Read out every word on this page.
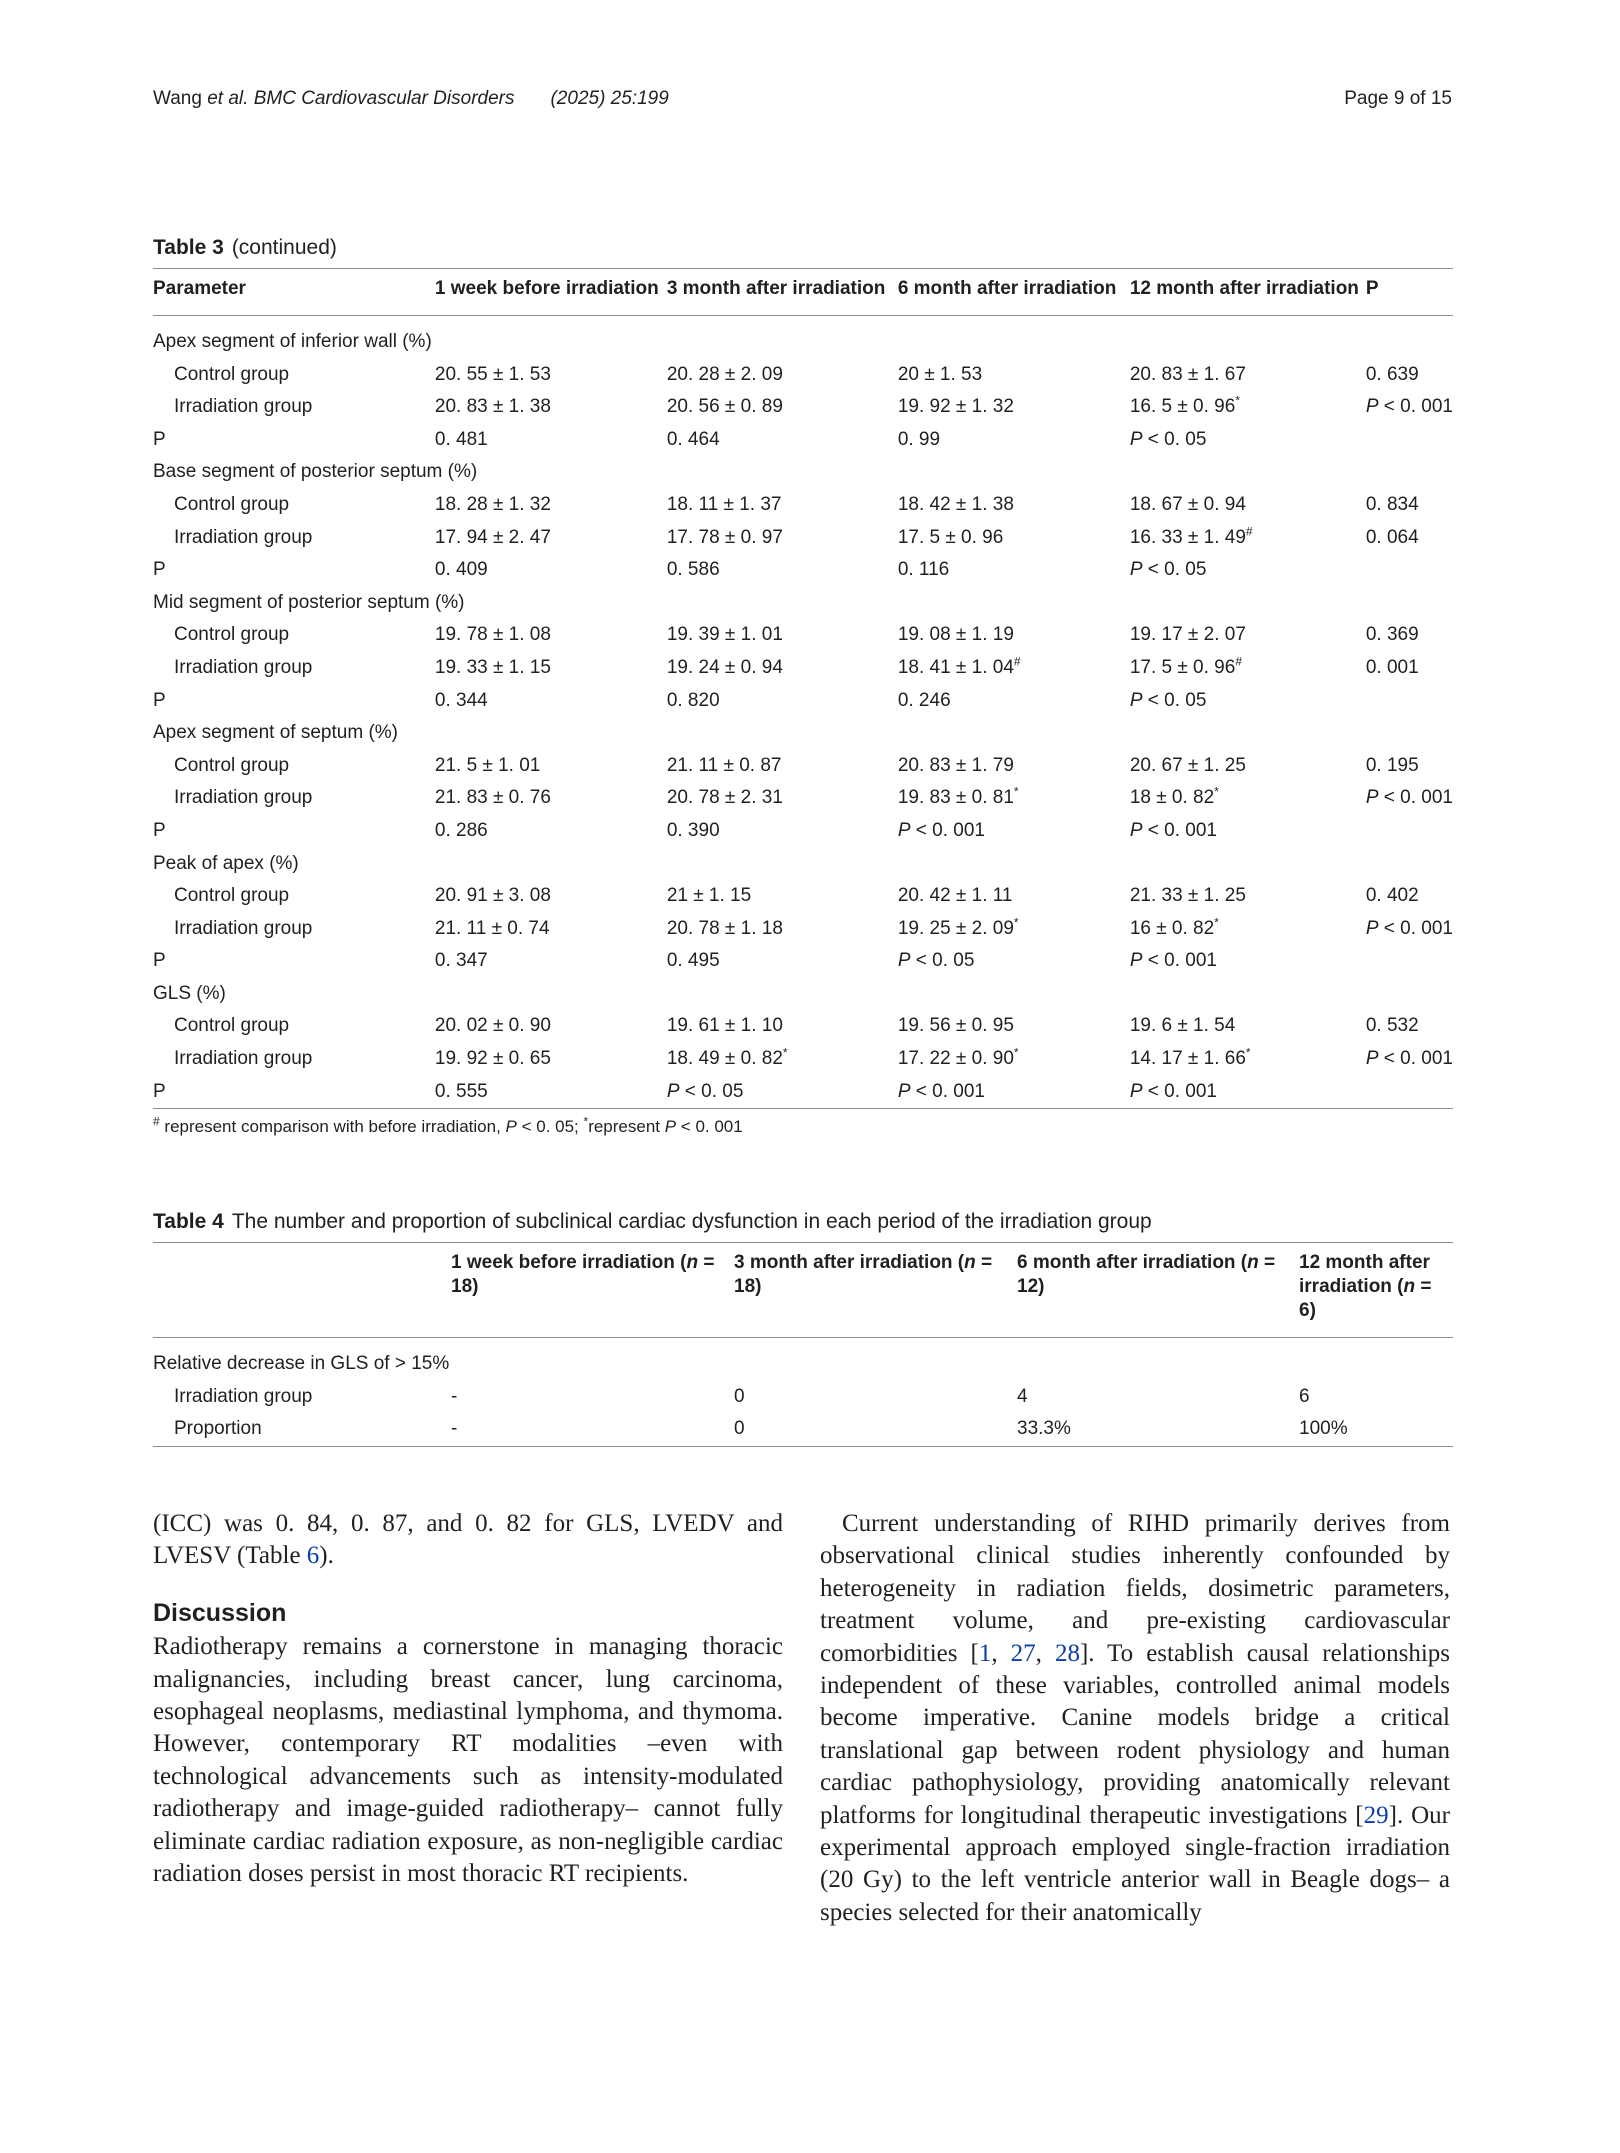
Wang et al. BMC Cardiovascular Disorders (2025) 25:199	Page 9 of 15
Table 3 (continued)
Parameter	1 week before irradiation	3 month after irradiation	6 month after irradiation	12 month after irradiation	P
Apex segment of inferior wall (%)					
Control group	20. 55 ± 1. 53	20. 28 ± 2. 09	20 ± 1. 53	20. 83 ± 1. 67	0. 639
Irradiation group	20. 83 ± 1. 38	20. 56 ± 0. 89	19. 92 ± 1. 32	16. 5 ± 0. 96*	P < 0. 001
P	0. 481	0. 464	0. 99	P < 0. 05	
Base segment of posterior septum (%)					
Control group	18. 28 ± 1. 32	18. 11 ± 1. 37	18. 42 ± 1. 38	18. 67 ± 0. 94	0. 834
Irradiation group	17. 94 ± 2. 47	17. 78 ± 0. 97	17. 5 ± 0. 96	16. 33 ± 1. 49#	0. 064
P	0. 409	0. 586	0. 116	P < 0. 05	
Mid segment of posterior septum (%)					
Control group	19. 78 ± 1. 08	19. 39 ± 1. 01	19. 08 ± 1. 19	19. 17 ± 2. 07	0. 369
Irradiation group	19. 33 ± 1. 15	19. 24 ± 0. 94	18. 41 ± 1. 04#	17. 5 ± 0. 96#	0. 001
P	0. 344	0. 820	0. 246	P < 0. 05	
Apex segment of septum (%)					
Control group	21. 5 ± 1. 01	21. 11 ± 0. 87	20. 83 ± 1. 79	20. 67 ± 1. 25	0. 195
Irradiation group	21. 83 ± 0. 76	20. 78 ± 2. 31	19. 83 ± 0. 81*	18 ± 0. 82*	P < 0. 001
P	0. 286	0. 390	P < 0. 001	P < 0. 001	
Peak of apex (%)					
Control group	20. 91 ± 3. 08	21 ± 1. 15	20. 42 ± 1. 11	21. 33 ± 1. 25	0. 402
Irradiation group	21. 11 ± 0. 74	20. 78 ± 1. 18	19. 25 ± 2. 09*	16 ± 0. 82*	P < 0. 001
P	0. 347	0. 495	P < 0. 05	P < 0. 001	
GLS (%)					
Control group	20. 02 ± 0. 90	19. 61 ± 1. 10	19. 56 ± 0. 95	19. 6 ± 1. 54	0. 532
Irradiation group	19. 92 ± 0. 65	18. 49 ± 0. 82*	17. 22 ± 0. 90*	14. 17 ± 1. 66*	P < 0. 001
P	0. 555	P < 0. 05	P < 0. 001	P < 0. 001	
# represent comparison with before irradiation, P < 0. 05; *represent P < 0. 001
Table 4 The number and proportion of subclinical cardiac dysfunction in each period of the irradiation group
	1 week before irradiation (n = 18)	3 month after irradiation (n = 18)	6 month after irradiation (n = 12)	12 month after irradiation (n = 6)
Relative decrease in GLS of > 15%				
Irradiation group	-	0	4	6
Proportion	-	0	33.3%	100%

(ICC) was 0. 84, 0. 87, and 0. 82 for GLS, LVEDV and LVESV (Table 6).

Discussion

Radiotherapy remains a cornerstone in managing thoracic malignancies, including breast cancer, lung carcinoma, esophageal neoplasms, mediastinal lymphoma, and thymoma. However, contemporary RT modalities –even with technological advancements such as intensity-modulated radiotherapy and image-guided radiotherapy– cannot fully eliminate cardiac radiation exposure, as non-negligible cardiac radiation doses persist in most thoracic RT recipients.

Current understanding of RIHD primarily derives from observational clinical studies inherently confounded by heterogeneity in radiation fields, dosimetric parameters, treatment volume, and pre-existing cardiovascular comorbidities [1, 27, 28]. To establish causal relationships independent of these variables, controlled animal models become imperative. Canine models bridge a critical translational gap between rodent physiology and human cardiac pathophysiology, providing anatomically relevant platforms for longitudinal therapeutic investigations [29]. Our experimental approach employed single-fraction irradiation (20 Gy) to the left ventricle anterior wall in Beagle dogs– a species selected for their anatomically
